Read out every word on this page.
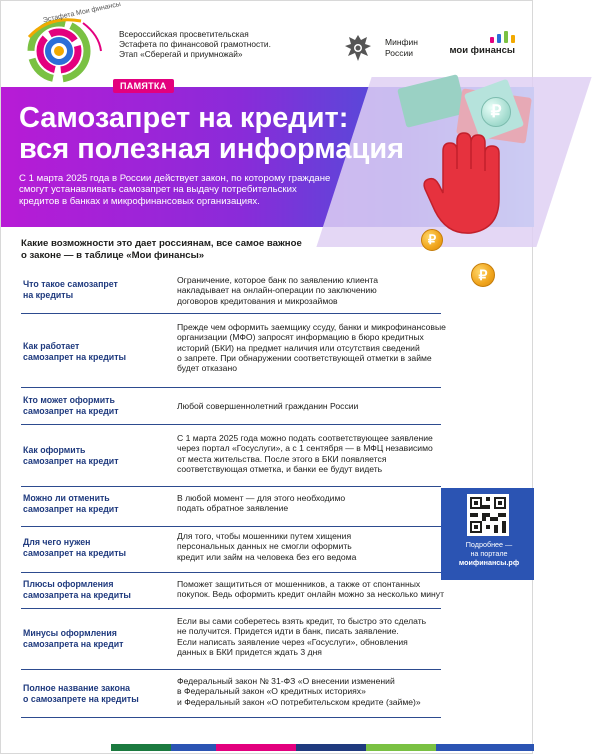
Эстафета Мои финансы
Всероссийская просветительская
Эстафета по финансовой грамотности.
Этап «Сберегай и приумножай»
Минфин
России	мои финансы
ПАМЯТКА
Самозапрет на кредит:
вся полезная информация
С 1 марта 2025 года в России действует закон, по которому граждане
смогут устанавливать самозапрет на выдачу потребительских
кредитов в банках и микрофинансовых организациях.
₽
₽
₽
Какие возможности это дает россиянам, все самое важное
о законе — в таблице «Мои финансы»
Что такое самозапрет
на кредиты
Ограничение, которое банк по заявлению клиента
накладывает на онлайн-операции по заключению
договоров кредитования и микрозаймов
Как работает
самозапрет на кредиты
Прежде чем оформить заемщику ссуду, банки и микрофинансовые
организации (МФО) запросят информацию в бюро кредитных
историй (БКИ) на предмет наличия или отсутствия сведений
о запрете. При обнаружении соответствующей отметки в займе
будет отказано
Кто может оформить
самозапрет на кредит	Любой совершеннолетний гражданин России
Как оформить
самозапрет на кредит
С 1 марта 2025 года можно подать соответствующее заявление
через портал «Госуслуги», а с 1 сентября — в МФЦ независимо
от места жительства. После этого в БКИ появляется
соответствующая отметка, и банки ее будут видеть
Можно ли отменить
самозапрет на кредит
В любой момент — для этого необходимо
подать обратное заявление
Для чего нужен
самозапрет на кредиты
Для того, чтобы мошенники путем хищения
персональных данных не смогли оформить
кредит или займ на человека без его ведома
Плюсы оформления
самозапрета на кредиты
Поможет защититься от мошенников, а также от спонтанных
покупок. Ведь оформить кредит онлайн можно за несколько минут
Минусы оформления
самозапрета на кредит
Если вы сами соберетесь взять кредит, то быстро это сделать
не получится. Придется идти в банк, писать заявление.
Если написать заявление через «Госуслуги», обновления
данных в БКИ придется ждать 3 дня
Полное название закона
о самозапрете на кредиты
Федеральный закон № 31-ФЗ «О внесении изменений
в Федеральный закон «О кредитных историях»
и Федеральный закон «О потребительском кредите (займе)»
Подробнее —
на портале
моифинансы.рф
